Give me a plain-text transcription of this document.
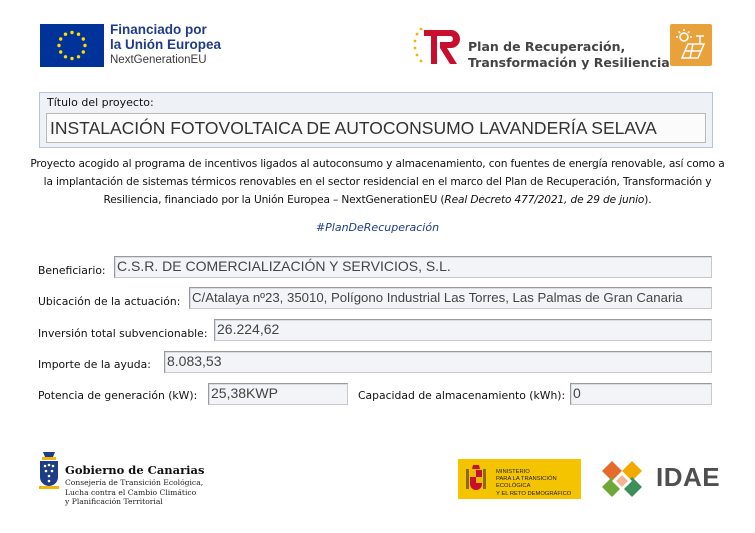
Financiado por
la Unión Europea
NextGenerationEU
Plan de Recuperación,
Transformación y Resiliencia
Título del proyecto:
INSTALACIÓN FOTOVOLTAICA DE AUTOCONSUMO LAVANDERÍA SELAVA

Proyecto acogido al programa de incentivos ligados al autoconsumo y almacenamiento, con fuentes de energía renovable, así como a la implantación de sistemas térmicos renovables en el sector residencial en el marco del Plan de Recuperación, Transformación y Resiliencia, financiado por la Unión Europea – NextGenerationEU (Real Decreto 477/2021, de 29 de junio).

#PlanDeRecuperación
Beneficiario: C.S.R. DE COMERCIALIZACIÓN Y SERVICIOS, S.L.
Ubicación de la actuación: C/Atalaya nº23, 35010, Polígono Industrial Las Torres, Las Palmas de Gran Canaria
Inversión total subvencionable: 26.224,62
Importe de la ayuda: 8.083,53
Potencia de generación (kW): 25,38KWP	Capacidad de almacenamiento (kWh): 0
Gobierno de Canarias
Consejería de Transición Ecológica,
Lucha contra el Cambio Climático
y Planificación Territorial
MINISTERIO
PARA LA TRANSICIÓN ECOLÓGICA
Y EL RETO DEMOGRÁFICO
IDAE
